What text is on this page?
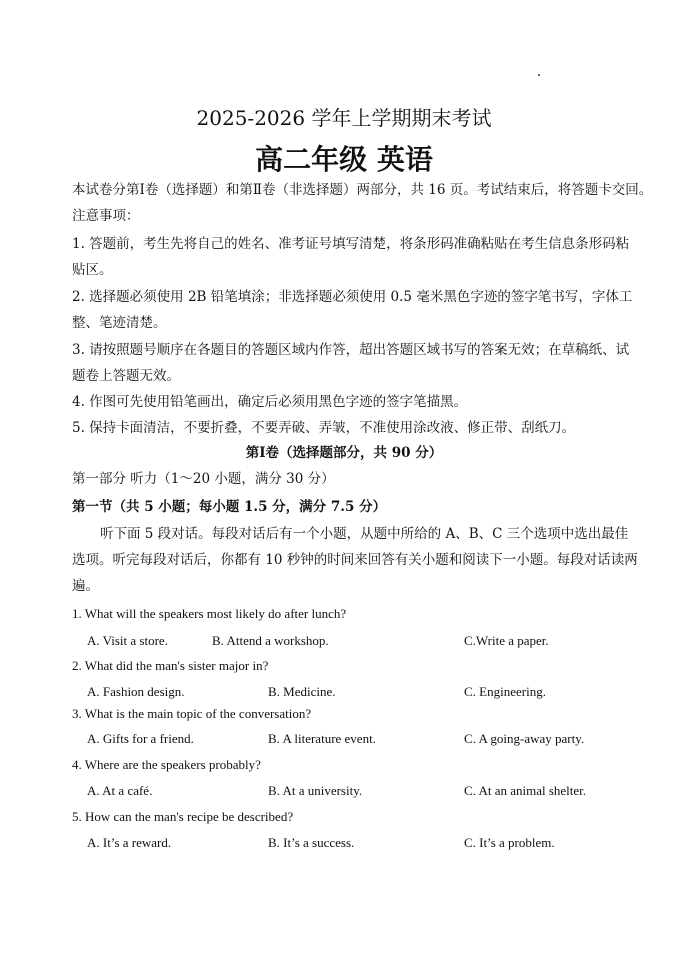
2025-2026 学年上学期期末考试
高二年级 英语
本试卷分第Ⅰ卷（选择题）和第Ⅱ卷（非选择题）两部分，共 16 页。考试结束后，将答题卡交回。
注意事项：
1. 答题前，考生先将自己的姓名、准考证号填写清楚，将条形码准确粘贴在考生信息条形码粘
贴区。
2. 选择题必须使用 2B 铅笔填涂；非选择题必须使用 0.5 毫米黑色字迹的签字笔书写，字体工
整、笔迹清楚。
3. 请按照题号顺序在各题目的答题区域内作答，超出答题区域书写的答案无效；在草稿纸、试
题卷上答题无效。
4. 作图可先使用铅笔画出，确定后必须用黑色字迹的签字笔描黑。
5. 保持卡面清洁，不要折叠，不要弄破、弄皱，不准使用涂改液、修正带、刮纸刀。
第Ⅰ卷（选择题部分，共 90 分）
第一部分 听力（1～20 小题，满分 30 分）
第一节（共 5 小题；每小题 1.5 分，满分 7.5 分）
听下面 5 段对话。每段对话后有一个小题，从题中所给的 A、B、C 三个选项中选出最佳
选项。听完每段对话后，你都有 10 秒钟的时间来回答有关小题和阅读下一小题。每段对话读两
遍。
1. What will the speakers most likely do after lunch?
A. Visit a store.	B. Attend a workshop.	C.Write a paper.
2. What did the man's sister major in?
A. Fashion design.	B. Medicine.	C. Engineering.
3. What is the main topic of the conversation?
A. Gifts for a friend.	B. A literature event.	C. A going-away party.
4. Where are the speakers probably?
A. At a café.	B. At a university.	C. At an animal shelter.
5. How can the man's recipe be described?
A. It’s a reward.	B. It’s a success.	C. It’s a problem.
